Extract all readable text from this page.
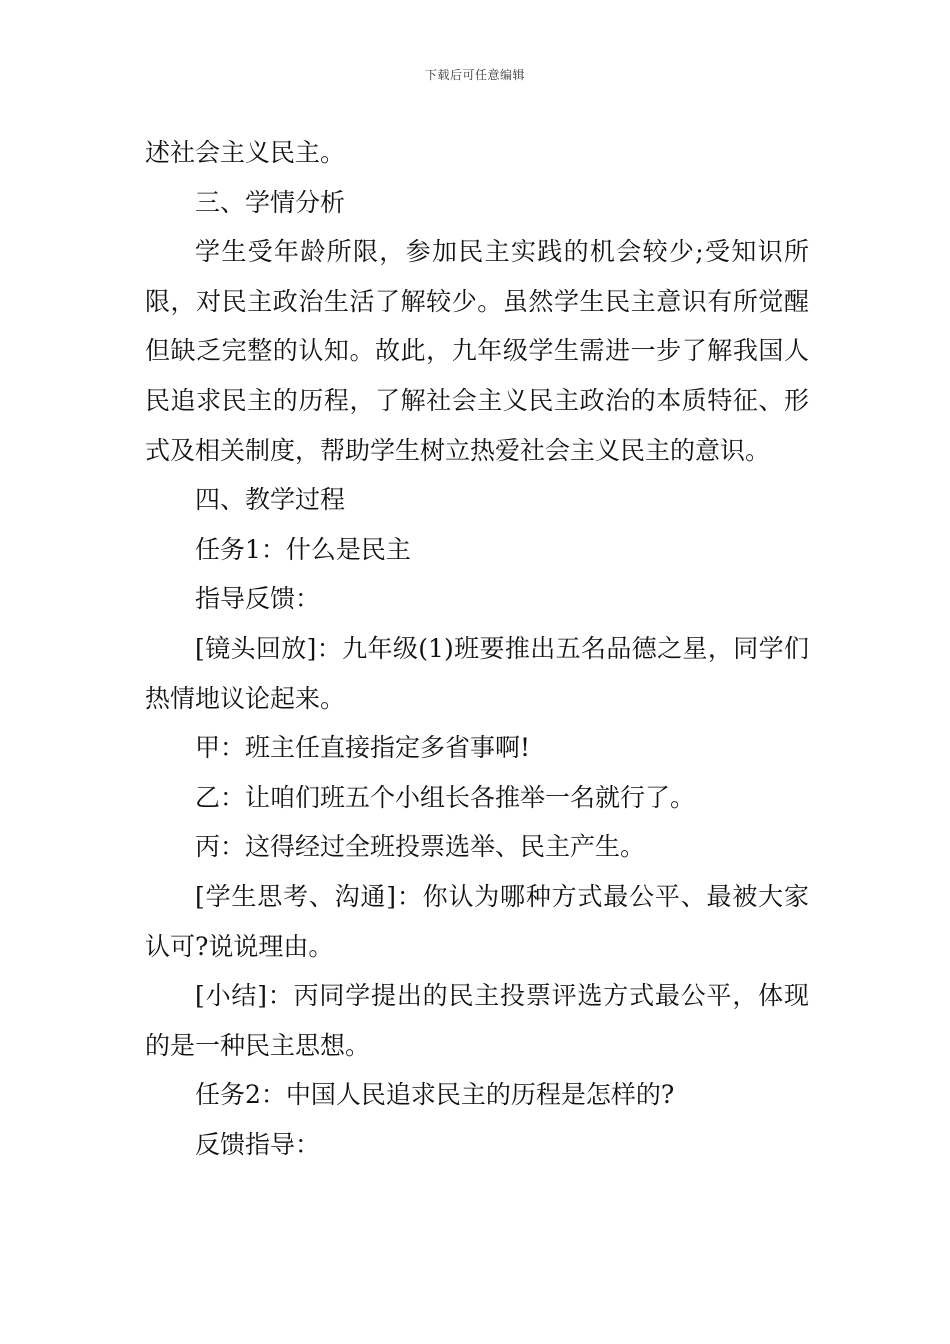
下载后可任意编辑

述社会主义民主。

三、学情分析

学生受年龄所限，参加民主实践的机会较少;受知识所限，对民主政治生活了解较少。虽然学生民主意识有所觉醒但缺乏完整的认知。故此，九年级学生需进一步了解我国人民追求民主的历程，了解社会主义民主政治的本质特征、形式及相关制度，帮助学生树立热爱社会主义民主的意识。

四、教学过程

任务1：什么是民主

指导反馈：

[镜头回放]：九年级(1)班要推出五名品德之星，同学们热情地议论起来。

甲：班主任直接指定多省事啊!

乙：让咱们班五个小组长各推举一名就行了。

丙：这得经过全班投票选举、民主产生。

[学生思考、沟通]：你认为哪种方式最公平、最被大家认可?说说理由。

[小结]：丙同学提出的民主投票评选方式最公平，体现的是一种民主思想。

任务2：中国人民追求民主的历程是怎样的?

反馈指导：
